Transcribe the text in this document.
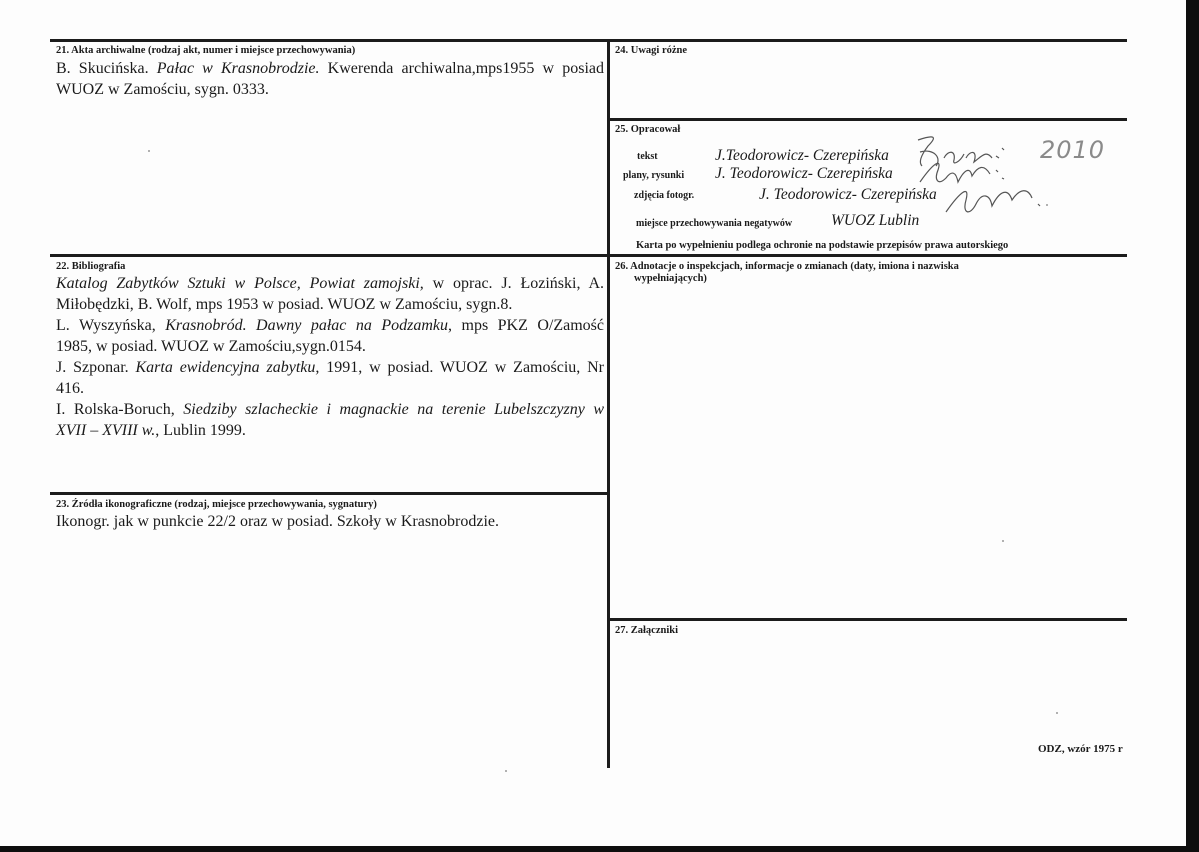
21. Akta archiwalne (rodzaj akt, numer i miejsce przechowywania)

B. Skucińska. Pałac w Krasnobrodzie. Kwerenda archiwalna,mps1955 w posiad

WUOZ w Zamościu, sygn. 0333.

22. Bibliografia

Katalog Zabytków Sztuki w Polsce, Powiat zamojski, w oprac. J. Łoziński, A.

Miłobędzki, B. Wolf, mps 1953 w posiad. WUOZ w Zamościu, sygn.8.

L. Wyszyńska, Krasnobród. Dawny pałac na Podzamku, mps PKZ O/Zamość

1985, w posiad. WUOZ w Zamościu,sygn.0154.

J. Szponar. Karta ewidencyjna zabytku, 1991, w posiad. WUOZ w Zamościu, Nr

416.

I. Rolska-Boruch, Siedziby szlacheckie i magnackie na terenie Lubelszczyzny w

XVII – XVIII w., Lublin 1999.

23. Źródła ikonograficzne (rodzaj, miejsce przechowywania, sygnatury)
Ikonogr. jak w punkcie 22/2 oraz w posiad. Szkoły w Krasnobrodzie.
24. Uwagi różne
25. Opracował
tekst	J.Teodorowicz- Czerepińska
plany, rysunki J. Teodorowicz- Czerepińska
zdjęcia fotogr.	J. Teodorowicz- Czerepińska
miejsce przechowywania negatywów	WUOZ Lublin
Karta po wypełnieniu podlega ochronie na podstawie przepisów prawa autorskiego
2010
26. Adnotacje o inspekcjach, informacje o zmianach (daty, imiona i nazwiska
wypełniających)
27. Załączniki
ODZ, wzór 1975 r
